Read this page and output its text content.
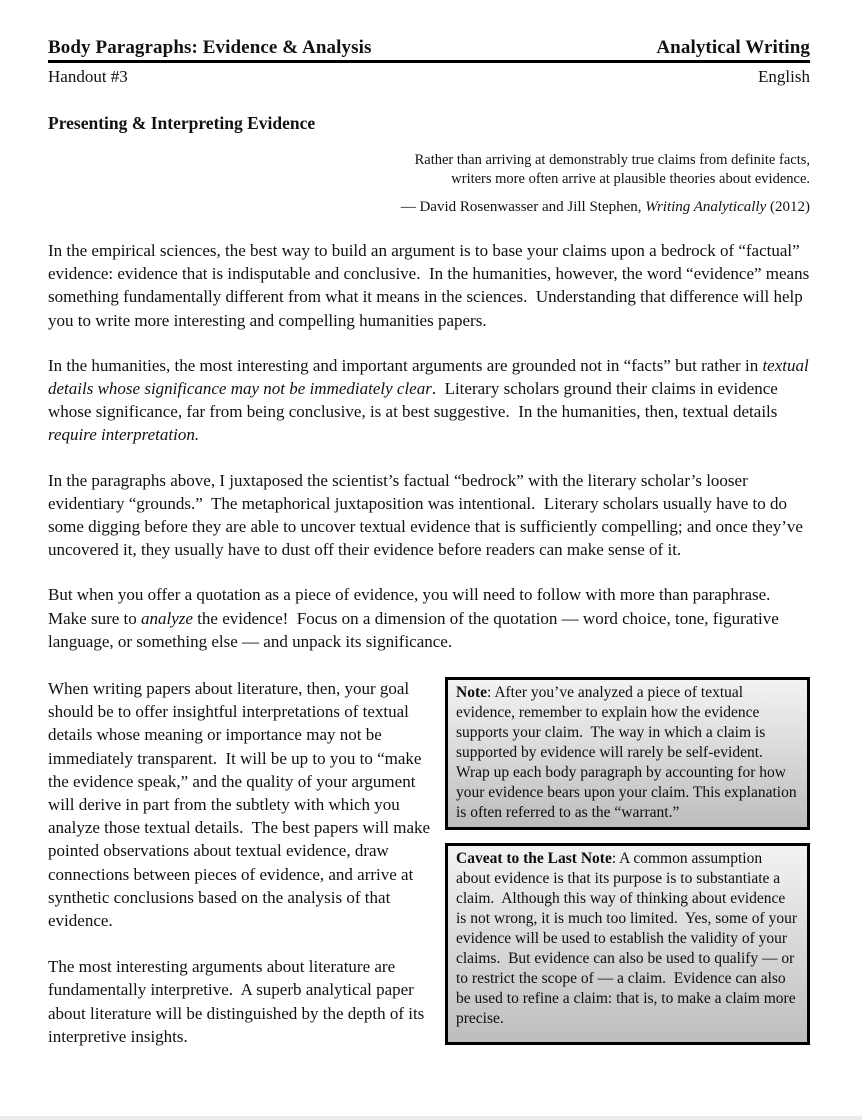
Body Paragraphs: Evidence & Analysis	Analytical Writing
Handout #3	English
Presenting & Interpreting Evidence
Rather than arriving at demonstrably true claims from definite facts,
writers more often arrive at plausible theories about evidence.
— David Rosenwasser and Jill Stephen, Writing Analytically (2012)
In the empirical sciences, the best way to build an argument is to base your claims upon a bedrock of “factual” evidence: evidence that is indisputable and conclusive.  In the humanities, however, the word “evidence” means something fundamentally different from what it means in the sciences.  Understanding that difference will help you to write more interesting and compelling humanities papers.
In the humanities, the most interesting and important arguments are grounded not in “facts” but rather in textual details whose significance may not be immediately clear.  Literary scholars ground their claims in evidence whose significance, far from being conclusive, is at best suggestive.  In the humanities, then, textual details require interpretation.
In the paragraphs above, I juxtaposed the scientist’s factual “bedrock” with the literary scholar’s looser evidentiary “grounds.”  The metaphorical juxtaposition was intentional.  Literary scholars usually have to do some digging before they are able to uncover textual evidence that is sufficiently compelling; and once they’ve uncovered it, they usually have to dust off their evidence before readers can make sense of it.
But when you offer a quotation as a piece of evidence, you will need to follow with more than paraphrase.  Make sure to analyze the evidence!  Focus on a dimension of the quotation — word choice, tone, figurative language, or something else — and unpack its significance.
When writing papers about literature, then, your goal should be to offer insightful interpretations of textual details whose meaning or importance may not be immediately transparent.  It will be up to you to “make the evidence speak,” and the quality of your argument will derive in part from the subtlety with which you analyze those textual details.  The best papers will make pointed observations about textual evidence, draw connections between pieces of evidence, and arrive at synthetic conclusions based on the analysis of that evidence.
The most interesting arguments about literature are fundamentally interpretive.  A superb analytical paper about literature will be distinguished by the depth of its interpretive insights.
Note: After you’ve analyzed a piece of textual evidence, remember to explain how the evidence supports your claim.  The way in which a claim is supported by evidence will rarely be self-evident. Wrap up each body paragraph by accounting for how your evidence bears upon your claim. This explanation is often referred to as the “warrant.”
Caveat to the Last Note: A common assumption about evidence is that its purpose is to substantiate a claim.  Although this way of thinking about evidence is not wrong, it is much too limited.  Yes, some of your evidence will be used to establish the validity of your claims.  But evidence can also be used to qualify — or to restrict the scope of — a claim.  Evidence can also be used to refine a claim: that is, to make a claim more precise.
